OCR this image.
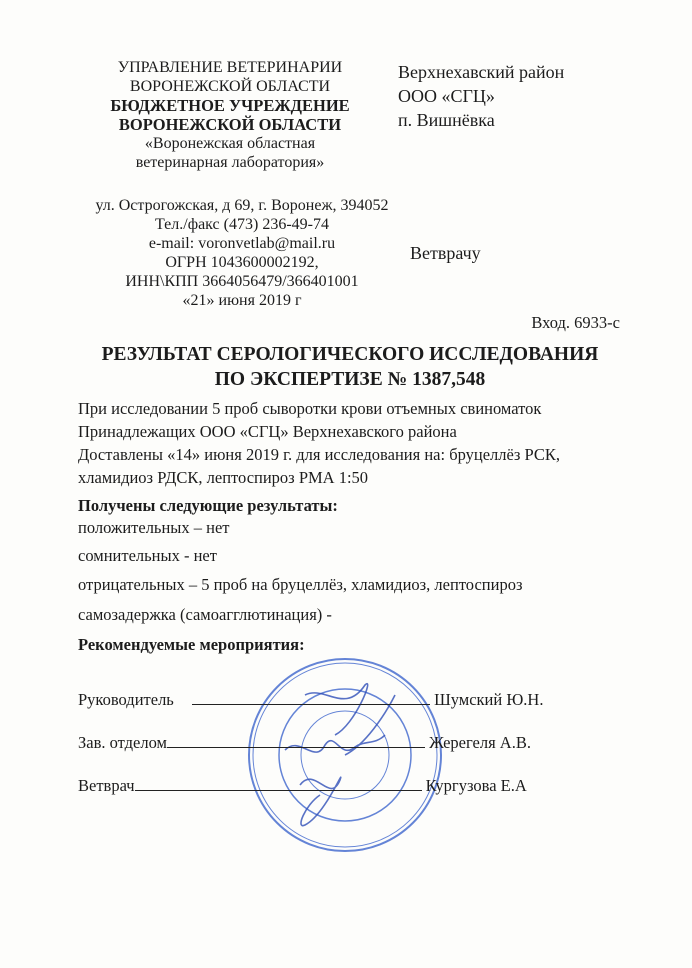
УПРАВЛЕНИЕ ВЕТЕРИНАРИИ
ВОРОНЕЖСКОЙ ОБЛАСТИ
БЮДЖЕТНОЕ УЧРЕЖДЕНИЕ
ВОРОНЕЖСКОЙ ОБЛАСТИ
«Воронежская областная
ветеринарная лаборатория»
ул. Острогожская, д 69, г. Воронеж, 394052
Тел./факс (473) 236-49-74
e-mail: voronvetlab@mail.ru
ОГРН 1043600002192,
ИНН\КПП 3664056479/366401001
«21» июня 2019 г
Верхнехавский район
ООО «СГЦ»
п. Вишнёвка
Ветврачу
Вход. 6933-с
РЕЗУЛЬТАТ СЕРОЛОГИЧЕСКОГО ИССЛЕДОВАНИЯ
ПО ЭКСПЕРТИЗЕ № 1387,548
При исследовании 5 проб сыворотки крови отъемных свиноматок
Принадлежащих ООО «СГЦ» Верхнехавского района
Доставлены «14» июня 2019 г. для исследования на: бруцеллёз РСК,
хламидиоз РДСК, лептоспироз РМА 1:50
Получены следующие результаты:
положительных – нет
сомнительных - нет
отрицательных – 5 проб на бруцеллёз, хламидиоз, лептоспироз
самозадержка (самоагглютинация) -
Рекомендуемые мероприятия:
Руководитель	Шумский Ю.Н.
Зав. отделом	Жерегеля А.В.
Ветврач	Кургузова Е.А
